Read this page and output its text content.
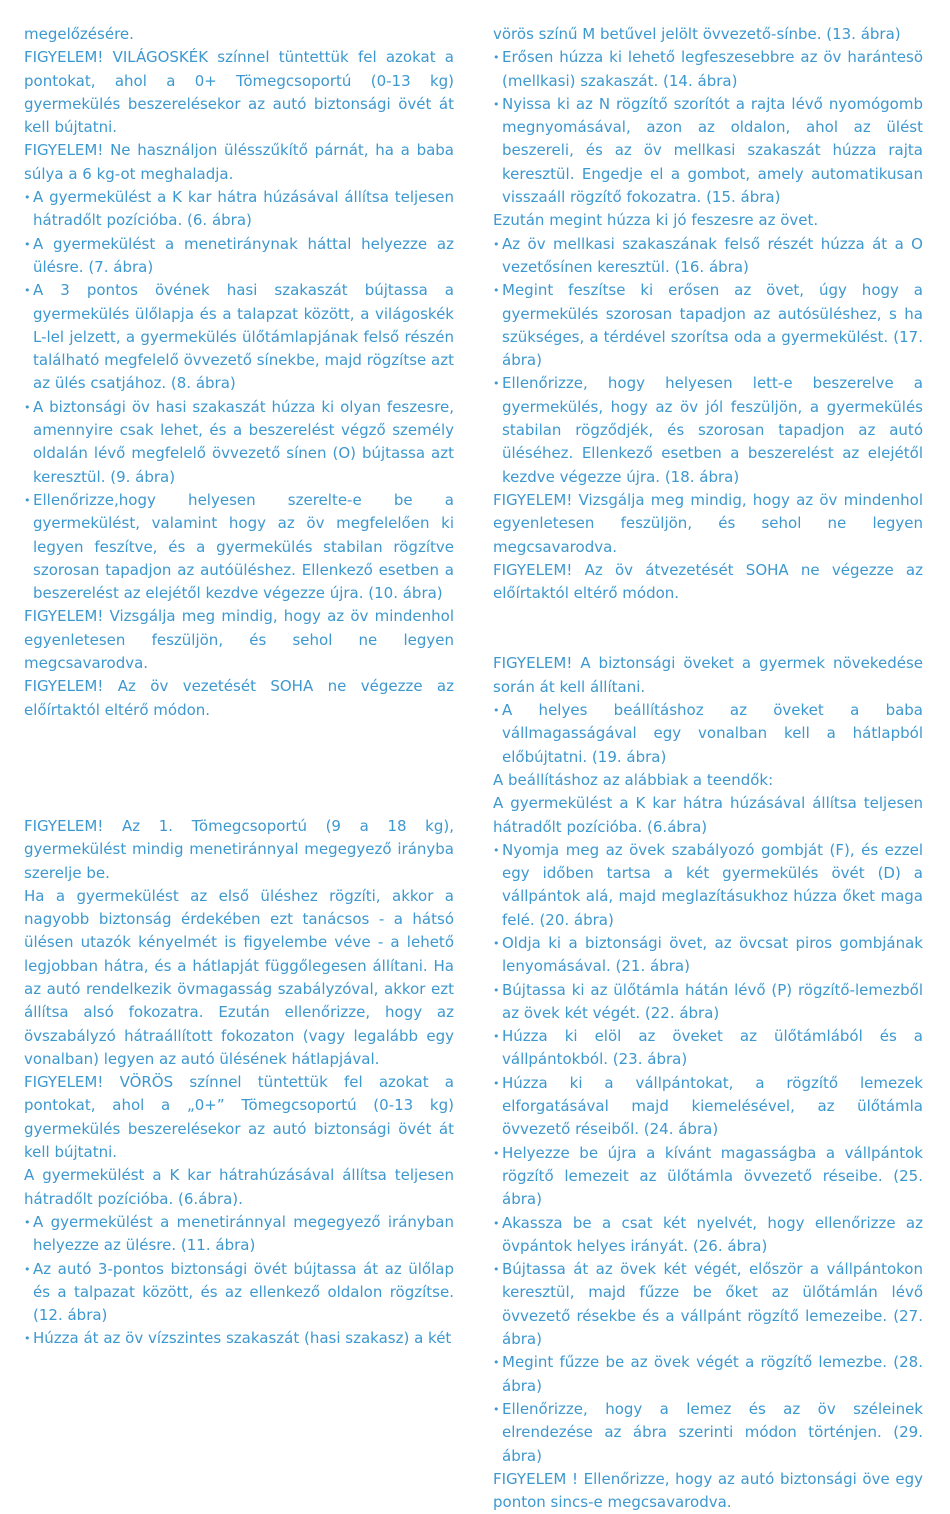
megelőzésére.

FIGYELEM! VILÁGOSKÉK színnel tüntettük fel azokat a pontokat, ahol a 0+ Tömegcsoportú (0-13 kg) gyermekülés beszerelésekor az autó biztonsági övét át kell bújtatni.

FIGYELEM! Ne használjon ülésszűkítő párnát, ha a baba súlya a 6 kg-ot meghaladja.

• A gyermekülést a K kar hátra húzásával állítsa teljesen hátradőlt pozícióba. (6. ábra)
• A gyermekülést a menetiránynak háttal helyezze az ülésre. (7. ábra)
• A 3 pontos övének hasi szakaszát bújtassa a gyermekülés ülőlapja és a talapzat között, a világoskék L-lel jelzett, a gyermekülés ülőtámlapjának felső részén található megfelelő övvezető sínekbe, majd rögzítse azt az ülés csatjához. (8. ábra)
• A biztonsági öv hasi szakaszát húzza ki olyan feszesre, amennyire csak lehet, és a beszerelést végző személy oldalán lévő megfelelő övvezető sínen (O) bújtassa azt keresztül. (9. ábra)
• Ellenőrizze,hogy helyesen szerelte-e be a gyermekülést, valamint hogy az öv megfelelően ki legyen feszítve, és a gyermekülés stabilan rögzítve szorosan tapadjon az autóüléshez. Ellenkező esetben a beszerelést az elejétől kezdve végezze újra. (10. ábra)

FIGYELEM! Vizsgálja meg mindig, hogy az öv mindenhol egyenletesen feszüljön, és sehol ne legyen megcsavarodva.

FIGYELEM! Az öv vezetését SOHA ne végezze az előírtaktól eltérő módon.

FIGYELEM! Az 1. Tömegcsoportú (9 a 18 kg), gyermekülést mindig menetiránnyal megegyező irányba szerelje be.

Ha a gyermekülést az első üléshez rögzíti, akkor a nagyobb biztonság érdekében ezt tanácsos - a hátsó ülésen utazók kényelmét is figyelembe véve - a lehető legjobban hátra, és a hátlapját függőlegesen állítani. Ha az autó rendelkezik övmagasság szabályzóval, akkor ezt állítsa alsó fokozatra. Ezután ellenőrizze, hogy az övszabályzó hátraállított fokozaton (vagy legalább egy vonalban) legyen az autó ülésének hátlapjával.

FIGYELEM! VÖRÖS színnel tüntettük fel azokat a pontokat, ahol a „0+” Tömegcsoportú (0-13 kg) gyermekülés beszerelésekor az autó biztonsági övét át kell bújtatni.

A gyermekülést a K kar hátrahúzásával állítsa teljesen hátradőlt pozícióba. (6.ábra).

• A gyermekülést a menetiránnyal megegyező irányban helyezze az ülésre. (11. ábra)
• Az autó 3-pontos biztonsági övét bújtassa át az ülőlap és a talpazat között, és az ellenkező oldalon rögzítse. (12. ábra)
• Húzza át az öv vízszintes szakaszát (hasi szakasz) a két

vörös színű M betűvel jelölt övvezető-sínbe. (13. ábra)

• Erősen húzza ki lehető legfeszesebbre az öv harántesö (mellkasi) szakaszát. (14. ábra)
• Nyissa ki az N rögzítő szorítót a rajta lévő nyomógomb megnyomásával, azon az oldalon, ahol az ülést beszereli, és az öv mellkasi szakaszát húzza rajta keresztül. Engedje el a gombot, amely automatikusan visszaáll rögzítő fokozatra. (15. ábra)

Ezután megint húzza ki jó feszesre az övet.

• Az öv mellkasi szakaszának felső részét húzza át a O vezetősínen keresztül. (16. ábra)
• Megint feszítse ki erősen az övet, úgy hogy a gyermekülés szorosan tapadjon az autósüléshez, s ha szükséges, a térdével szorítsa oda a gyermekülést. (17. ábra)
• Ellenőrizze, hogy helyesen lett-e beszerelve a gyermekülés, hogy az öv jól feszüljön, a gyermekülés stabilan rögződjék, és szorosan tapadjon az autó üléséhez. Ellenkező esetben a beszerelést az elejétől kezdve végezze újra. (18. ábra)

FIGYELEM! Vizsgálja meg mindig, hogy az öv mindenhol egyenletesen feszüljön, és sehol ne legyen megcsavarodva.

FIGYELEM! Az öv átvezetését SOHA ne végezze az előírtaktól eltérő módon.

FIGYELEM! A biztonsági öveket a gyermek növekedése során át kell állítani.

• A helyes beállításhoz az öveket a baba vállmagasságával egy vonalban kell a hátlapból előbújtatni. (19. ábra)

A beállításhoz az alábbiak a teendők:

A gyermekülést a K kar hátra húzásával állítsa teljesen hátradőlt pozícióba. (6.ábra)

• Nyomja meg az övek szabályozó gombját (F), és ezzel egy időben tartsa a két gyermekülés övét (D) a vállpántok alá, majd meglazításukhoz húzza őket maga felé. (20. ábra)
• Oldja ki a biztonsági övet, az övcsat piros gombjának lenyomásával. (21. ábra)
• Bújtassa ki az ülőtámla hátán lévő (P) rögzítő-lemezből az övek két végét. (22. ábra)
• Húzza ki elöl az öveket az ülőtámlából és a vállpántokból. (23. ábra)
• Húzza ki a vállpántokat, a rögzítő lemezek elforgatásával majd kiemelésével, az ülőtámla övvezető réseiből. (24. ábra)
• Helyezze be újra a kívánt magasságba a vállpántok rögzítő lemezeit az ülőtámla övvezető réseibe. (25. ábra)
• Akassza be a csat két nyelvét, hogy ellenőrizze az övpántok helyes irányát. (26. ábra)
• Bújtassa át az övek két végét, először a vállpántokon keresztül, majd fűzze be őket az ülőtámlán lévő övvezető résekbe és a vállpánt rögzítő lemezeibe. (27. ábra)
• Megint fűzze be az övek végét a rögzítő lemezbe. (28. ábra)
• Ellenőrizze, hogy a lemez és az öv széleinek elrendezése az ábra szerinti módon történjen. (29. ábra)

FIGYELEM ! Ellenőrizze, hogy az autó biztonsági öve egy ponton sincs-e megcsavarodva.
